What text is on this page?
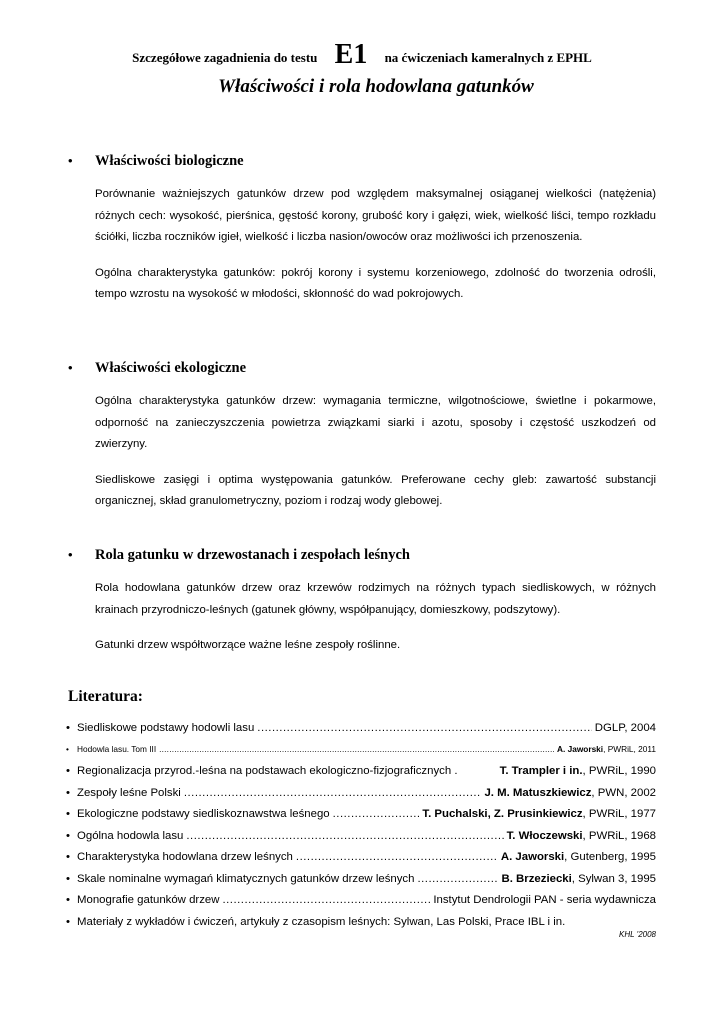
Szczegółowe zagadnienia do testu E1 na ćwiczeniach kameralnych z EPHL
Właściwości i rola hodowlana gatunków
• Właściwości biologiczne
Porównanie ważniejszych gatunków drzew pod względem maksymalnej osiąganej wielkości (natężenia) różnych cech: wysokość, pierśnica, gęstość korony, grubość kory i gałęzi, wiek, wielkość liści, tempo rozkładu ściółki, liczba roczników igieł, wielkość i liczba nasion/owoców oraz możliwości ich przenoszenia.
Ogólna charakterystyka gatunków: pokrój korony i systemu korzeniowego, zdolność do tworzenia odrośli, tempo wzrostu na wysokość w młodości, skłonność do wad pokrojowych.
• Właściwości ekologiczne
Ogólna charakterystyka gatunków drzew: wymagania termiczne, wilgotnościowe, świetlne i pokarmowe, odporność na zanieczyszczenia powietrza związkami siarki i azotu, sposoby i częstość uszkodzeń od zwierzyny.
Siedliskowe zasięgi i optima występowania gatunków. Preferowane cechy gleb: zawartość substancji organicznej, skład granulometryczny, poziom i rodzaj wody glebowej.
• Rola gatunku w drzewostanach i zespołach leśnych
Rola hodowlana gatunków drzew oraz krzewów rodzimych na różnych typach siedliskowych, w różnych krainach przyrodniczo-leśnych (gatunek główny, współpanujący, domieszkowy, podszytowy).
Gatunki drzew współtworzące ważne leśne zespoły roślinne.
Literatura:
• Siedliskowe podstawy hodowli lasu .....	DGLP, 2004
• Hodowla lasu. Tom III .....	A. Jaworski, PWRiL, 2011
• Regionalizacja przyrod.-leśna na podstawach ekologiczno-fizjograficznych .	T. Trampler i in., PWRiL, 1990
• Zespoły leśne Polski .....	J. M. Matuszkiewicz, PWN, 2002
• Ekologiczne podstawy siedliskoznawstwa leśnego .....	T. Puchalski, Z. Prusinkiewicz, PWRiL, 1977
• Ogólna hodowla lasu .....	T. Włoczewski, PWRiL, 1968
• Charakterystyka hodowlana drzew leśnych .....	A. Jaworski, Gutenberg, 1995
• Skale nominalne wymagań klimatycznych gatunków drzew leśnych .....	B. Brzeziecki, Sylwan 3, 1995
• Monografie gatunków drzew .....	Instytut Dendrologii PAN - seria wydawnicza
• Materiały z wykładów i ćwiczeń, artykuły z czasopism leśnych: Sylwan, Las Polski, Prace IBL i in.
KHL '2008
